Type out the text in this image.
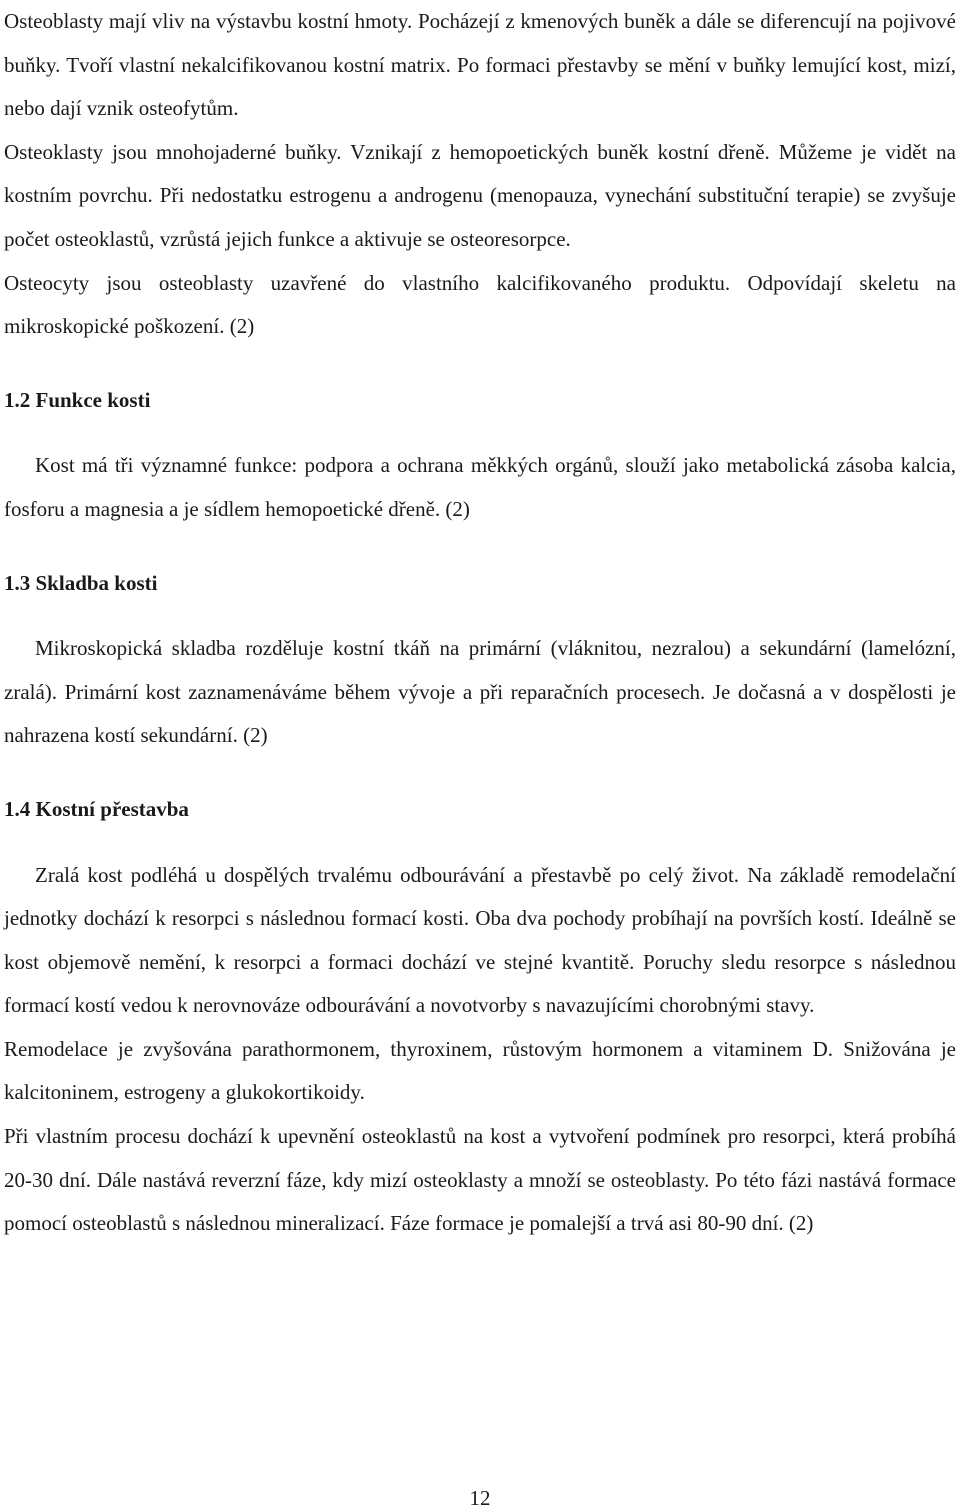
Osteoblasty mají vliv na výstavbu kostní hmoty. Pocházejí z kmenových buněk a dále se diferencují na pojivové buňky. Tvoří vlastní nekalcifikovanou kostní matrix. Po formaci přestavby se mění v buňky lemující kost, mizí, nebo dají vznik osteofytům.

Osteoklasty jsou mnohojaderné buňky. Vznikají z hemopoetických buněk kostní dřeně. Můžeme je vidět na kostním povrchu. Při nedostatku estrogenu a androgenu (menopauza, vynechání substituční terapie) se zvyšuje počet osteoklastů, vzrůstá jejich funkce a aktivuje se osteoresorpce.

Osteocyty jsou osteoblasty uzavřené do vlastního kalcifikovaného produktu. Odpovídají skeletu na mikroskopické poškození. (2)

1.2 Funkce kosti

Kost má tři významné funkce: podpora a ochrana měkkých orgánů, slouží jako metabolická zásoba kalcia, fosforu a magnesia a je sídlem hemopoetické dřeně. (2)

1.3 Skladba kosti

Mikroskopická skladba rozděluje kostní tkáň na primární (vláknitou, nezralou) a sekundární (lamelózní, zralá). Primární kost zaznamenáváme během vývoje a při reparačních procesech. Je dočasná a v dospělosti je nahrazena kostí sekundární. (2)

1.4 Kostní přestavba

Zralá kost podléhá u dospělých trvalému odbourávání a přestavbě po celý život. Na základě remodelační jednotky dochází k resorpci s následnou formací kosti. Oba dva pochody probíhají na površích kostí. Ideálně se kost objemově nemění, k resorpci a formaci dochází ve stejné kvantitě. Poruchy sledu resorpce s následnou formací kostí vedou k nerovnováze odbourávání a novotvorby s navazujícími chorobnými stavy.

Remodelace je zvyšována parathormonem, thyroxinem, růstovým hormonem a vitaminem D. Snižována je kalcitoninem, estrogeny a glukokortikoidy.

Při vlastním procesu dochází k upevnění osteoklastů na kost a vytvoření podmínek pro resorpci, která probíhá 20-30 dní. Dále nastává reverzní fáze, kdy mizí osteoklasty a množí se osteoblasty. Po této fázi nastává formace pomocí osteoblastů s následnou mineralizací. Fáze formace je pomalejší a trvá asi 80-90 dní. (2)

12
